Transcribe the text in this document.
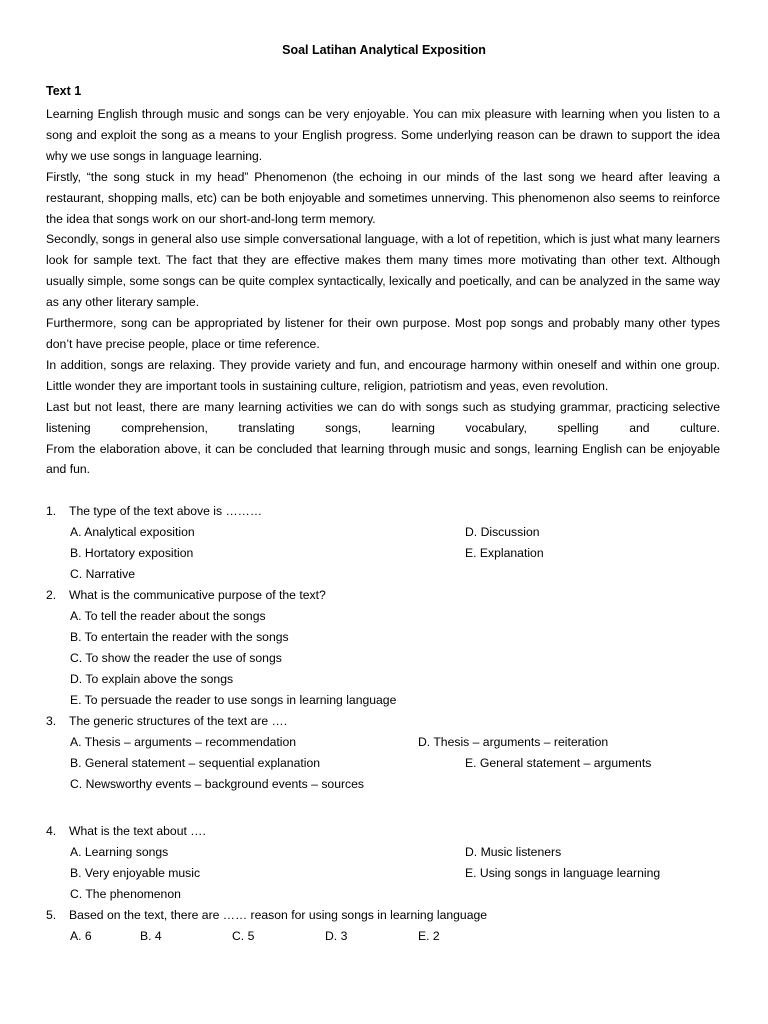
Soal Latihan Analytical Exposition
Text 1

Learning English through music and songs can be very enjoyable. You can mix pleasure with learning when you listen to a song and exploit the song as a means to your English progress. Some underlying reason can be drawn to support the idea why we use songs in language learning.

Firstly, “the song stuck in my head” Phenomenon (the echoing in our minds of the last song we heard after leaving a restaurant, shopping malls, etc) can be both enjoyable and sometimes unnerving. This phenomenon also seems to reinforce the idea that songs work on our short-and-long term memory.

Secondly, songs in general also use simple conversational language, with a lot of repetition, which is just what many learners look for sample text. The fact that they are effective makes them many times more motivating than other text. Although usually simple, some songs can be quite complex syntactically, lexically and poetically, and can be analyzed in the same way as any other literary sample.

Furthermore, song can be appropriated by listener for their own purpose. Most pop songs and probably many other types don’t have precise people, place or time reference.

In addition, songs are relaxing. They provide variety and fun, and encourage harmony within oneself and within one group. Little wonder they are important tools in sustaining culture, religion, patriotism and yeas, even revolution.

Last but not least, there are many learning activities we can do with songs such as studying grammar, practicing selective listening comprehension, translating songs, learning vocabulary, spelling and culture.

From the elaboration above, it can be concluded that learning through music and songs, learning English can be enjoyable and fun.

1. The type of the text above is ………
A. Analytical exposition	D. Discussion
B. Hortatory exposition	E. Explanation
C. Narrative
2. What is the communicative purpose of the text?
A. To tell the reader about the songs
B. To entertain the reader with the songs
C. To show the reader the use of songs
D. To explain above the songs
E. To persuade the reader to use songs in learning language
3. The generic structures of the text are ….
A. Thesis – arguments – recommendation	D. Thesis – arguments – reiteration
B. General statement – sequential explanation	E. General statement – arguments
C. Newsworthy events – background events – sources
4. What is the text about ….
A. Learning songs	D. Music listeners
B. Very enjoyable music	E. Using songs in language learning
C. The phenomenon
5. Based on the text, there are …… reason for using songs in learning language
A. 6	B. 4	C. 5	D. 3	E. 2
